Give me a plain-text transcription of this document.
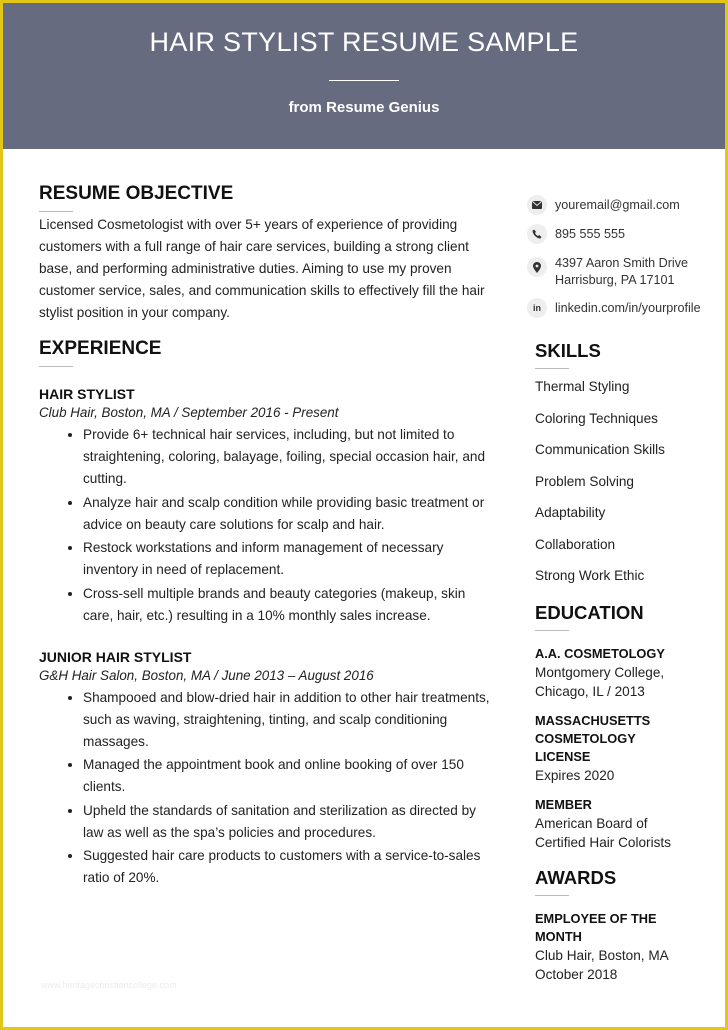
HAIR STYLIST RESUME SAMPLE
from Resume Genius
RESUME OBJECTIVE
Licensed Cosmetologist with over 5+ years of experience of providing customers with a full range of hair care services, building a strong client base, and performing administrative duties. Aiming to use my proven customer service, sales, and communication skills to effectively fill the hair stylist position in your company.
EXPERIENCE
HAIR STYLIST
Club Hair, Boston, MA / September 2016 - Present
• Provide 6+ technical hair services, including, but not limited to straightening, coloring, balayage, foiling, special occasion hair, and cutting.
• Analyze hair and scalp condition while providing basic treatment or advice on beauty care solutions for scalp and hair.
• Restock workstations and inform management of necessary inventory in need of replacement.
• Cross-sell multiple brands and beauty categories (makeup, skin care, hair, etc.) resulting in a 10% monthly sales increase.
JUNIOR HAIR STYLIST
G&H Hair Salon, Boston, MA / June 2013 – August 2016
• Shampooed and blow-dried hair in addition to other hair treatments, such as waving, straightening, tinting, and scalp conditioning massages.
• Managed the appointment book and online booking of over 150 clients.
• Upheld the standards of sanitation and sterilization as directed by law as well as the spa’s policies and procedures.
• Suggested hair care products to customers with a service-to-sales ratio of 20%.
youremail@gmail.com
895 555 555
4397 Aaron Smith Drive
Harrisburg, PA 17101
in	linkedin.com/in/yourprofile
SKILLS
Thermal Styling
Coloring Techniques
Communication Skills
Problem Solving
Adaptability
Collaboration
Strong Work Ethic
EDUCATION
A.A. COSMETOLOGY
Montgomery College,
Chicago, IL / 2013
MASSACHUSETTS COSMETOLOGY LICENSE
Expires 2020
MEMBER
American Board of
Certified Hair Colorists
AWARDS
EMPLOYEE OF THE MONTH
Club Hair, Boston, MA
October 2018
www.heritagechristiancollege.com
